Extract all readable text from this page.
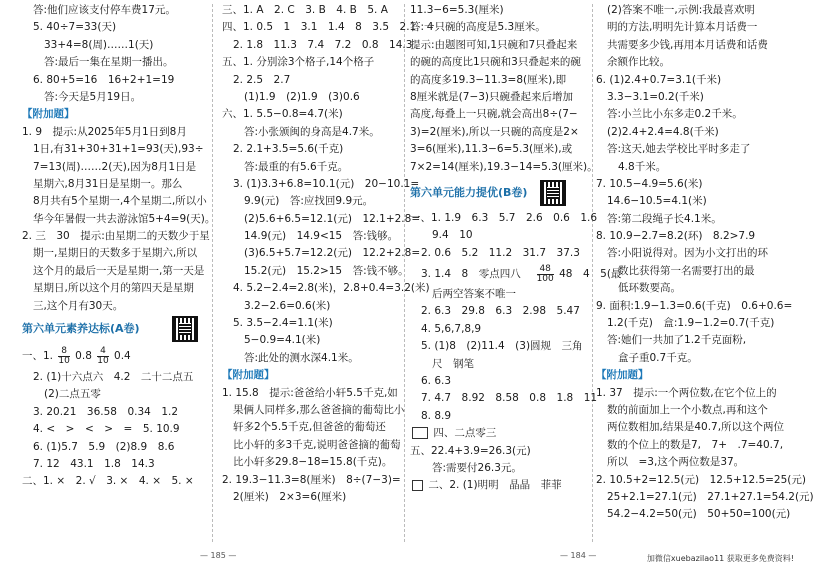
答:他们应该支付停车费17元。
5. 40÷7=33(天)
33+4=8(周)……1(天)
答:最后一集在星期一播出。
6. 80+5=16　16+2+1=19
答:今天是5月19日。
【附加题】
1. 9　提示:从2025年5月1日到8月
1日,有31+30+31+1=93(天),93÷
7=13(周)……2(天),因为8月1日是
星期六,8月31日是星期一。那么
8月共有5个星期一,4个星期二,所以小
华今年暑假一共去游泳馆5+4=9(天)。
2. 三　30　提示:由星期二的天数少于星
期一,星期日的天数多于星期六,所以
这个月的最后一天是星期一,第一天是
星期日,所以这个月的第四天是星期
三,这个月有30天。
第六单元素养达标(A卷)
一、1. $\frac{8}{10} 0.8 \frac{4}{10} 0.4$
2. (1)十六点六　4.2　二十二点五
(2)二点五零
3. 20.21　36.58　0.34　1.2
4. <　>　<　>　=　5. 10.9
6. (1)5.7　5.9　(2)8.9　8.6
7. 12　43.1　1.8　14.3
二、1. ×　2. √　3. ×　4. ×　5. ×
三、1. A　2. C　3. B　4. B　5. A
四、1. 0.5　1　3.1　1.4　8　3.5　2.1　4
2. 1.8　11.3　7.4　7.2　0.8　14.3
五、1. 分别涂3个格子,14个格子
2. 2.5　2.7
(1)1.9　(2)1.9　(3)0.6
六、1. 5.5−0.8=4.7(米)
答:小张颁闽的身高是4.7米。
2. 2.1+3.5=5.6(千克)
答:最重的有5.6千克。
3. (1)3.3+6.8=10.1(元)　20−10.1=
9.9(元)　答:应找回9.9元。
(2)5.6+6.5=12.1(元)　12.1+2.8=
14.9(元)　14.9<15　答:钱够。
(3)6.5+5.7=12.2(元)　12.2+2.8=
15.2(元)　15.2>15　答:钱不够。
4. 5.2−2.4=2.8(米)，2.8+0.4=3.2(米)
3.2−2.6=0.6(米)
5. 3.5−2.4=1.1(米)
5−0.9=4.1(米)
答:此处的测水深4.1米。
【附加题】
1. 15.8　提示:爸爸给小轩5.5千克,如
果俩人同样多,那么爸爸摘的葡萄比小
轩多2个5.5千克,但爸爸的葡萄还
比小轩的多3千克,说明爸爸摘的葡萄
比小轩多29.8−18=15.8(千克)。
2. 19.3−11.3=8(厘米)　8÷(7−3)=
2(厘米)　2×3=6(厘米)
11.3−6=5.3(厘米)
答:一只碗的高度是5.3厘米。
提示:由题图可知,1只碗和7只叠起来
的碗的高度比1只碗和3只叠起来的碗
的高度多19.3−11.3=8(厘米),即
8厘米就是(7−3)只碗叠起来后增加
高度,每叠上一只碗,就会高出8÷(7−
3)=2(厘米),所以一只碗的高度是2×
3=6(厘米),11.3−6=5.3(厘米),或
7×2=14(厘米),19.3−14=5.3(厘米)。
第六单元能力提优(B卷)
一、1. 1.9　6.3　5.7　2.6　0.6　1.6
9.4　10
2. 0.6　5.2　11.2　31.7　37.3
3. 1.4　8　零点四八　 $\frac{48}{100} 48$　4　5(最
后两空答案不唯一
2. 6.3　29.8　6.3　2.98　5.47
4. 5,6,7,8,9
5. (1)8　(2)11.4　(3)圆规　三角
尺　钢笔
6. 6.3
7. 4.7　8.92　8.58　0.8　1.8　11
8. 8.9
四、二点零三
五、22.4+3.9=26.3(元)
答:需要付26.3元。
二、2. (1)明明　晶晶　菲菲
(2)答案不唯一,示例:我最喜欢明
明的方法,明明先计算本月话费一
共需要多少钱,再用本月话费和话费
余额作比较。
6. (1)2.4+0.7=3.1(千米)
3.3−3.1=0.2(千米)
答:小兰比小东多走0.2千米。
(2)2.4+2.4=4.8(千米)
答:这天,她去学校比平时多走了
4.8千米。
7. 10.5−4.9=5.6(米)
14.6−10.5=4.1(米)
答:第二段绳子长4.1米。
8. 10.9−2.7=8.2(环)　8.2>7.9
答:小阳说得对。因为小文打出的环
数比获得第一名需要打出的最
低环数要高。
9. 面积:1.9−1.3=0.6(千克)　0.6+0.6=
1.2(千克)　盒:1.9−1.2=0.7(千克)
答:她们一共加了1.2千克面粉,
盒子重0.7千克。
【附加题】
1. 37　提示:一个两位数,在它个位上的
数的前面加上一个小数点,再和这个
两位数相加,结果是40.7,所以这个两位
数的个位上的数是7,　7+　.7=40.7,
所以　=3,这个两位数是37。
2. 10.5+2=12.5(元)　12.5+12.5=25(元)
25+2.1=27.1(元)　27.1+27.1=54.2(元)
54.2−4.2=50(元)　50+50=100(元)
— 185 —	— 184 —	加微信xuebazilao11 获取更多免费资料!
